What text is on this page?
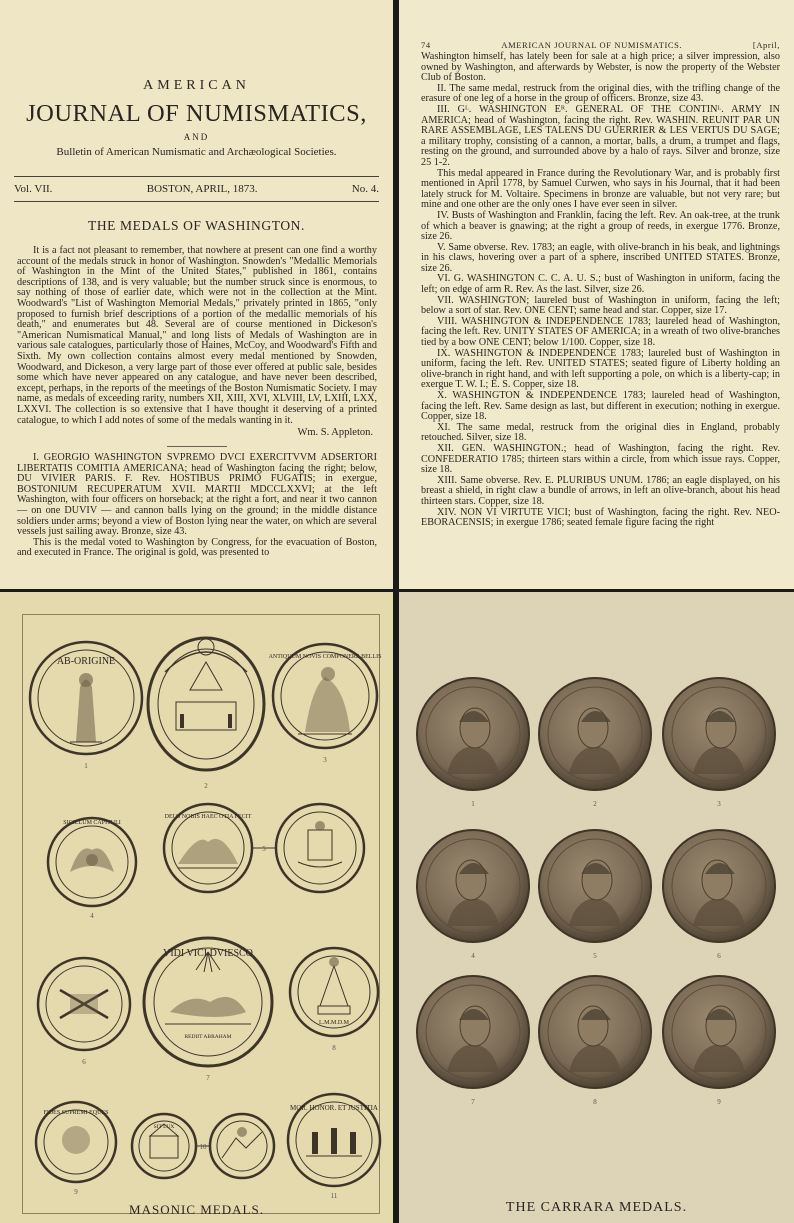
AMERICAN
JOURNAL OF NUMISMATICS,
AND
Bulletin of American Numismatic and Archæological Societies.
Vol. VII.	BOSTON, APRIL, 1873.	No. 4.
THE MEDALS OF WASHINGTON.

It is a fact not pleasant to remember, that nowhere at present can one find a worthy account of the medals struck in honor of Washington. Snowden's "Medallic Memorials of Washington in the Mint of the United States," published in 1861, contains descriptions of 138, and is very valuable; but the number struck since is enormous, to say nothing of those of earlier date, which were not in the collection at the Mint. Woodward's "List of Washington Memorial Medals," privately printed in 1865, "only proposed to furnish brief descriptions of a portion of the medallic memorials of his death," and enumerates but 48. Several are of course mentioned in Dickeson's "American Numismatical Manual," and long lists of Medals of Washington are in various sale catalogues, particularly those of Haines, McCoy, and Woodward's Fifth and Sixth. My own collection contains almost every medal mentioned by Snowden, Woodward, and Dickeson, a very large part of those ever offered at public sale, besides some which have never appeared on any catalogue, and have never been described, except, perhaps, in the reports of the meetings of the Boston Numismatic Society. I may name, as medals of exceeding rarity, numbers XII, XIII, XVI, XLVIII, LV, LXIII, LXX, LXXVI. The collection is so extensive that I have thought it deserving of a printed catalogue, to which I add notes of some of the medals wanting in it.

Wm. S. Appleton.

I. GEORGIO WASHINGTON SVPREMO DVCI EXERCITVVM ADSERTORI LIBERTATIS COMITIA AMERICANA; head of Washington facing the right; below, DU VIVIER PARIS. F. Rev. HOSTIBUS PRIMO FUGATIS; in exergue, BOSTONIUM RECUPERATUM XVII. MARTII MDCCLXXVI; at the left Washington, with four officers on horseback; at the right a fort, and near it two cannon — on one DUVIV — and cannon balls lying on the ground; in the middle distance soldiers under arms; beyond a view of Boston lying near the water, on which are several vessels just sailing away. Bronze, size 43.

This is the medal voted to Washington by Congress, for the evacuation of Boston, and executed in France. The original is gold, was presented to

74	AMERICAN JOURNAL OF NUMISMATICS.	[April,

Washington himself, has lately been for sale at a high price; a silver impression, also owned by Washington, and afterwards by Webster, is now the property of the Webster Club of Boston.

II. The same medal, restruck from the original dies, with the trifling change of the erasure of one leg of a horse in the group of officers. Bronze, size 43.

III. Gᴸ. WASHINGTON Eᴿ. GENERAL OF THE CONTINᴸ. ARMY IN AMERICA; head of Washington, facing the right. Rev. WASHIN. REUNIT PAR UN RARE ASSEMBLAGE, LES TALENS DU GUERRIER & LES VERTUS DU SAGE; a military trophy, consisting of a cannon, a mortar, balls, a drum, a trumpet and flags, resting on the ground, and surrounded above by a halo of rays. Silver and bronze, size 25 1-2.

This medal appeared in France during the Revolutionary War, and is probably first mentioned in April 1778, by Samuel Curwen, who says in his Journal, that it had been lately struck for M. Voltaire. Specimens in bronze are valuable, but not very rare; but mine and one other are the only ones I have ever seen in silver.

IV. Busts of Washington and Franklin, facing the left. Rev. An oak-tree, at the trunk of which a beaver is gnawing; at the right a group of reeds, in exergue 1776. Bronze, size 26.

V. Same obverse. Rev. 1783; an eagle, with olive-branch in his beak, and lightnings in his claws, hovering over a part of a sphere, inscribed UNITED STATES. Bronze, size 26.

VI. G. WASHINGTON C. C. A. U. S.; bust of Washington in uniform, facing the left; on edge of arm R. Rev. As the last. Silver, size 26.

VII. WASHINGTON; laureled bust of Washington in uniform, facing the left; below a sort of star. Rev. ONE CENT; same head and star. Copper, size 17.

VIII. WASHINGTON & INDEPENDENCE 1783; laureled head of Washington, facing the left. Rev. UNITY STATES OF AMERICA; in a wreath of two olive-branches tied by a bow ONE CENT; below 1/100. Copper, size 18.

IX. WASHINGTON & INDEPENDENCE 1783; laureled bust of Washington in uniform, facing the left. Rev. UNITED STATES; seated figure of Liberty holding an olive-branch in right hand, and with left supporting a pole, on which is a liberty-cap; in exergue T. W. I.; E. S. Copper, size 18.

X. WASHINGTON & INDEPENDENCE 1783; laureled head of Washington, facing the left. Rev. Same design as last, but different in execution; nothing in exergue. Copper, size 18.

XI. The same medal, restruck from the original dies in England, probably retouched. Silver, size 18.

XII. GEN. WASHINGTON.; head of Washington, facing the right. Rev. CONFEDERATIO 1785; thirteen stars within a circle, from which issue rays. Copper, size 18.

XIII. Same obverse. Rev. E. PLURIBUS UNUM. 1786; an eagle displayed, on his breast a shield, in right claw a bundle of arrows, in left an olive-branch, about his head thirteen stars. Copper, size 18.

XIV. NON VI VIRTUTE VICI; bust of Washington, facing the right. Rev. NEO-EBORACENSIS; in exergue 1786; seated female figure facing the right

AB-ORIGINE	ANTIQUUM NOVIS COMPONERE BELLIS
SIGILLUM CAPITULI
DEUS NOBIS HAEC OTIA FECIT
VIDI VICI DVIESCO
REDIIT ABRAHAM
L.M.M.D.M
FIDES SUPREMI EQUES
SIT LUX
MOR. HONOR. ET JUSTITIA
1
2
3
4
5
6
7
8
9
10
11
MASONIC MEDALS.
1	2	3
4	5	6
7	8	9
THE CARRARA MEDALS.
